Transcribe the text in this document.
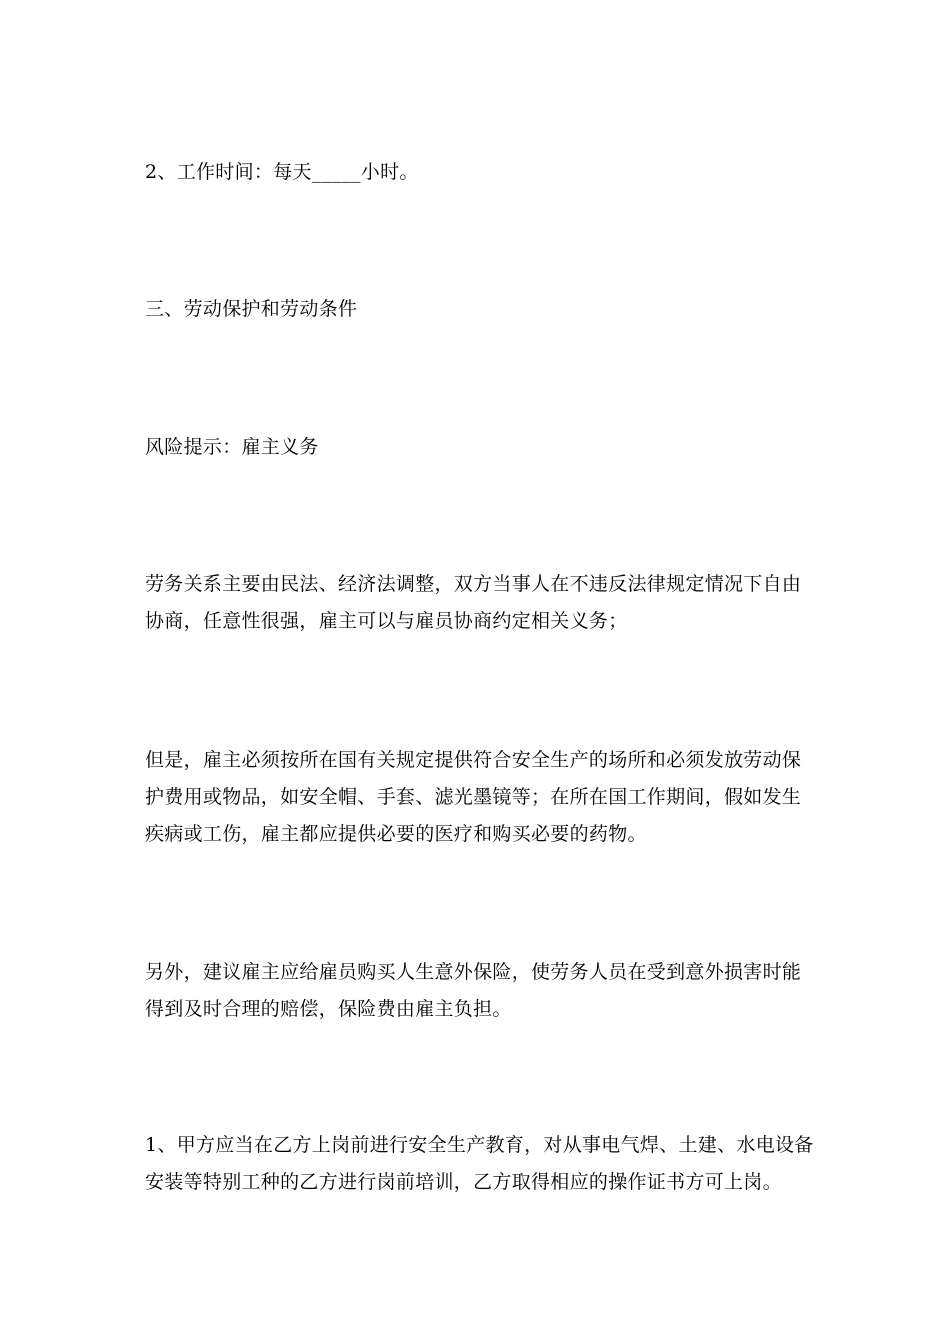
2、工作时间：每天_____小时。

三、劳动保护和劳动条件

风险提示：雇主义务

劳务关系主要由民法、经济法调整，双方当事人在不违反法律规定情况下自由
协商，任意性很强，雇主可以与雇员协商约定相关义务；

但是，雇主必须按所在国有关规定提供符合安全生产的场所和必须发放劳动保
护费用或物品，如安全帽、手套、滤光墨镜等；在所在国工作期间，假如发生
疾病或工伤，雇主都应提供必要的医疗和购买必要的药物。

另外，建议雇主应给雇员购买人生意外保险，使劳务人员在受到意外损害时能
得到及时合理的赔偿，保险费由雇主负担。

1、甲方应当在乙方上岗前进行安全生产教育，对从事电气焊、土建、水电设备
安装等特别工种的乙方进行岗前培训，乙方取得相应的操作证书方可上岗。
